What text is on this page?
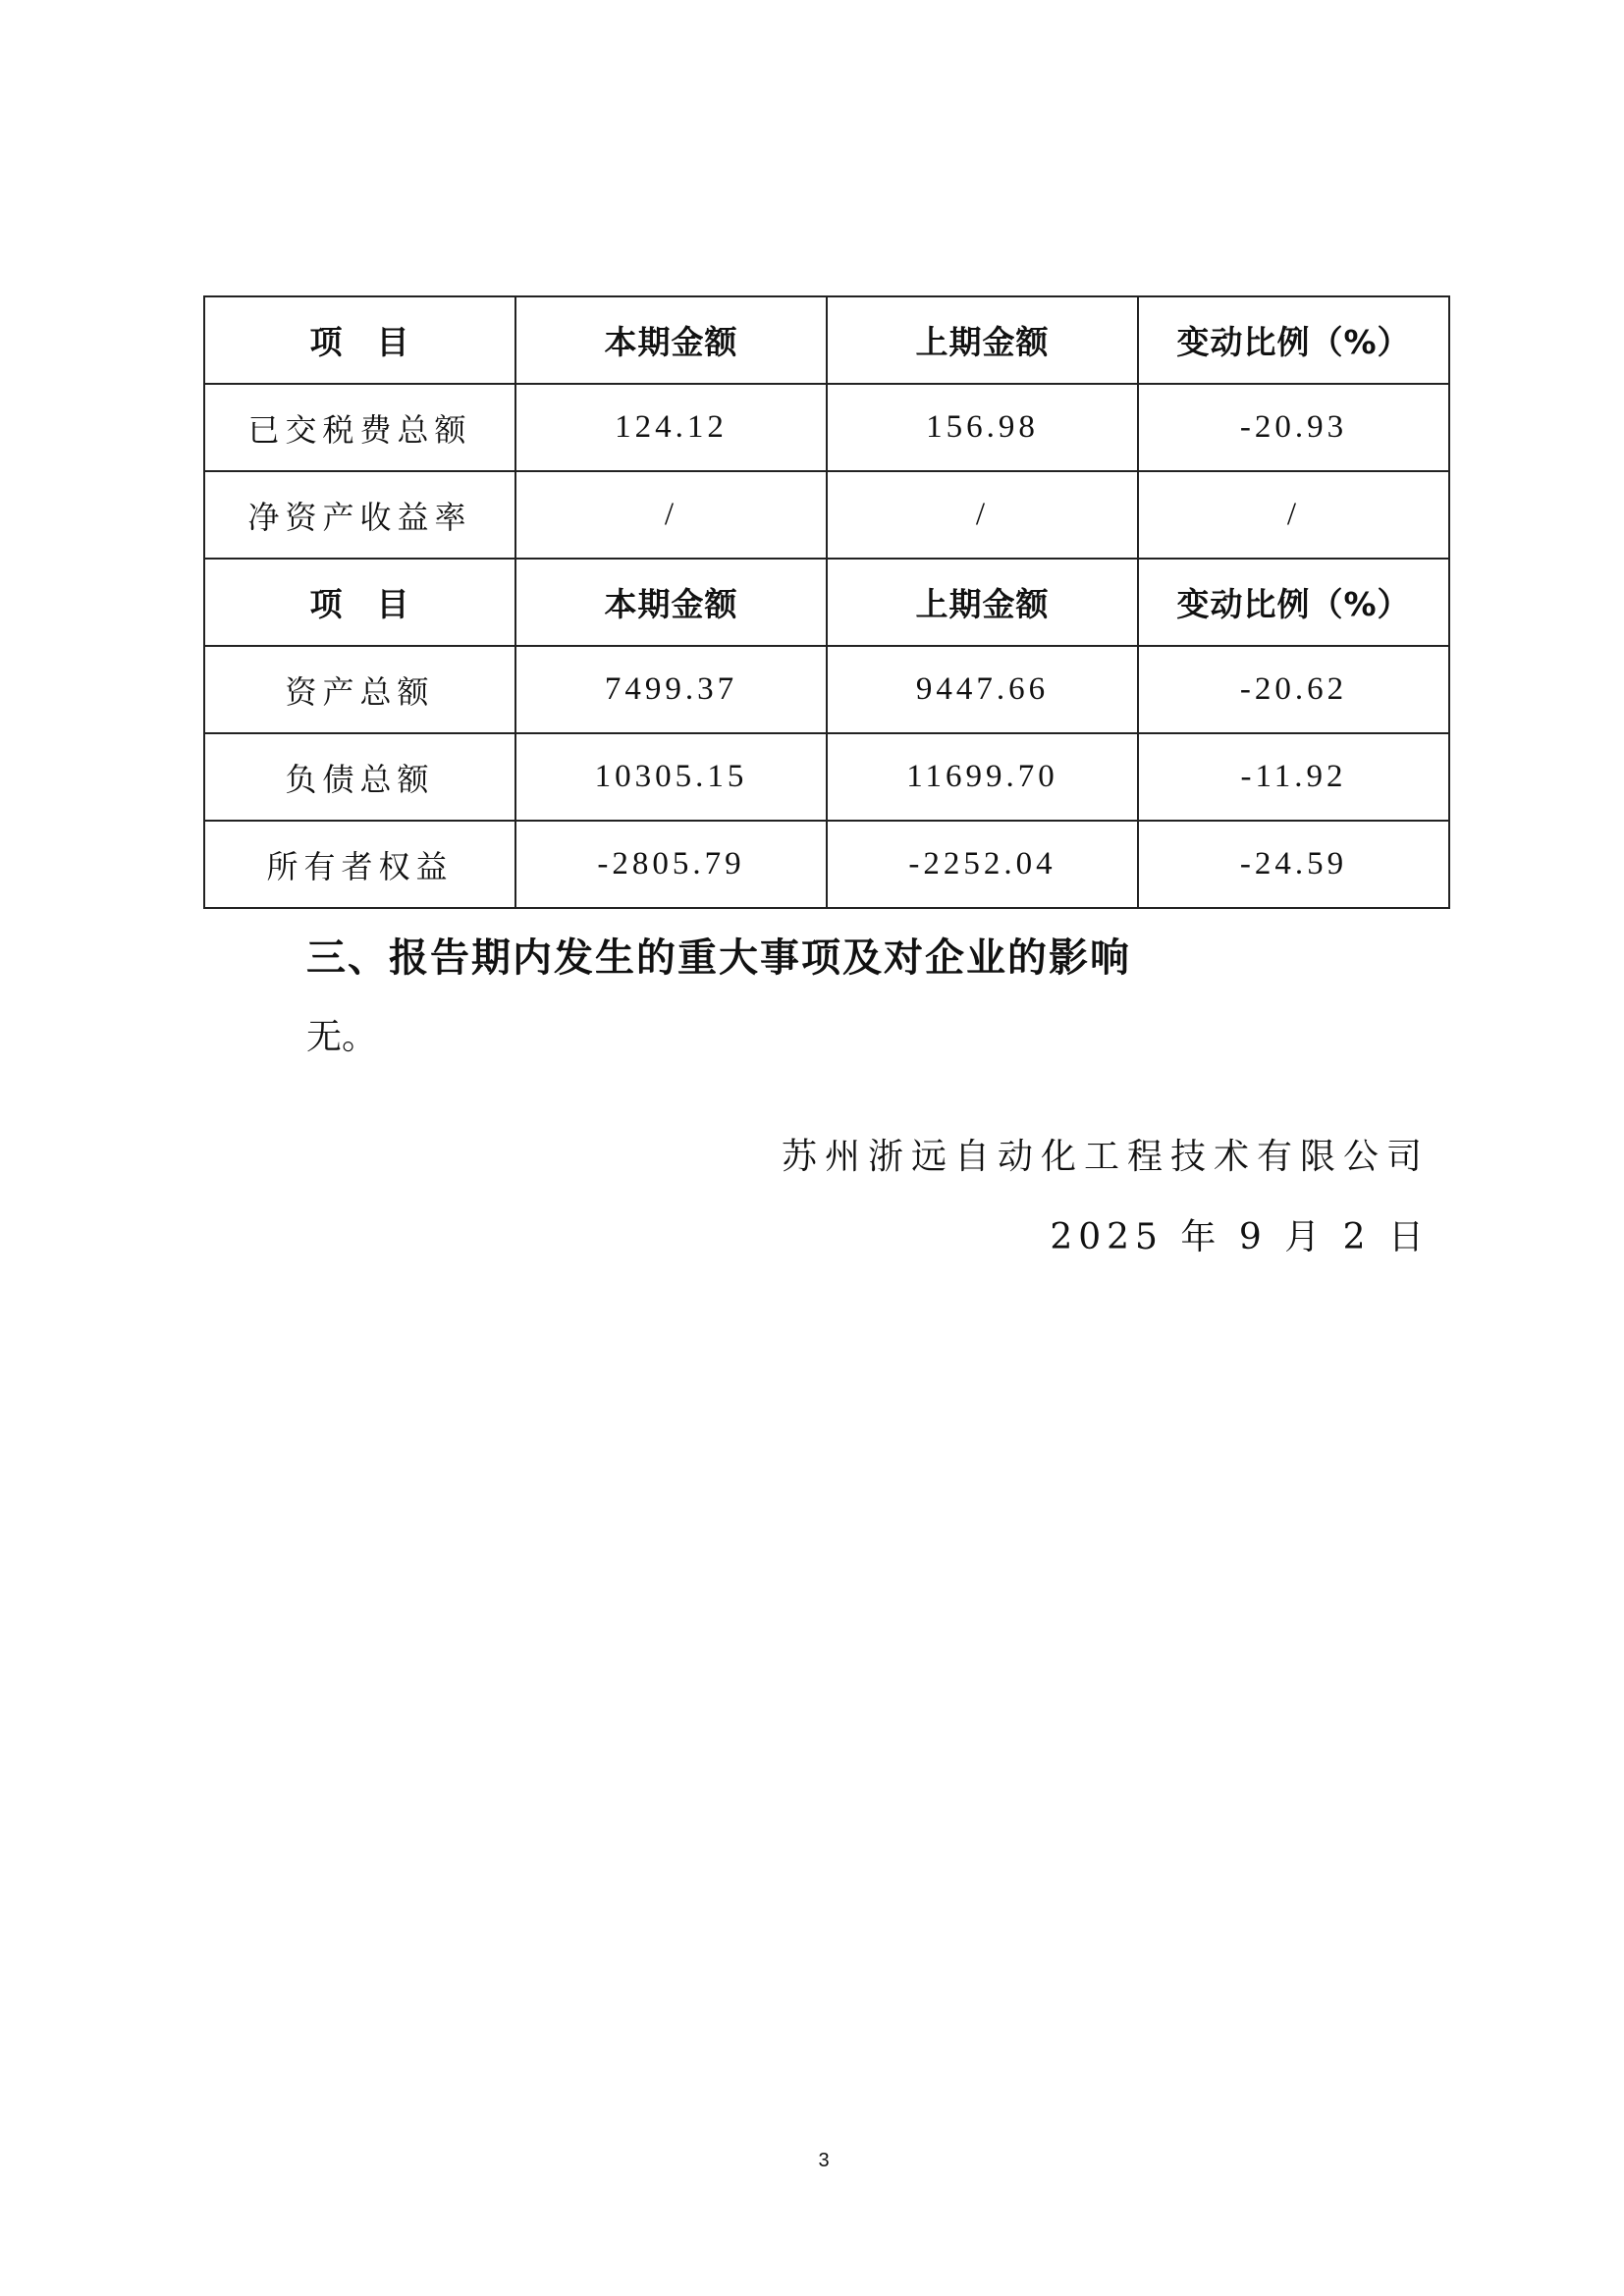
项　目	本期金额	上期金额	变动比例（%）
已交税费总额	124.12	156.98	-20.93
净资产收益率	/	/	/
项　目	本期金额	上期金额	变动比例（%）
资产总额	7499.37	9447.66	-20.62
负债总额	10305.15	11699.70	-11.92
所有者权益	-2805.79	-2252.04	-24.59
三、报告期内发生的重大事项及对企业的影响
无。
苏州浙远自动化工程技术有限公司
2025 年 9 月 2 日
3
